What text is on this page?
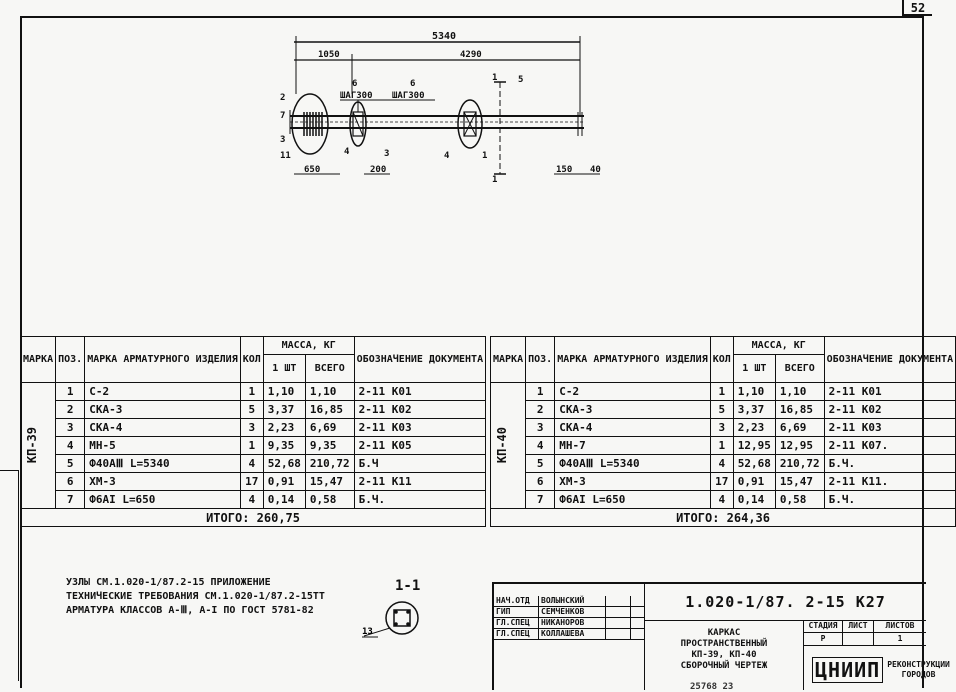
52
5340
1050	4290
ШАГ300 ШАГ300
2
7
3
11
6	6
4	3	4	1
5
1
1
650	200	150 40
МАРКА	ПОЗ.	МАРКА АРМАТУРНОГО ИЗДЕЛИЯ	КОЛ	МАССА, КГ		ОБОЗНАЧЕНИЕ ДОКУМЕНТА
				1 ШТ	ВСЕГО	

КП-39	1	С-2	1	1,10	1,10	2-11 К01
	2	СКА-3	5	3,37	16,85	2-11 К02
	3	СКА-4	3	2,23	6,69	2-11 К03
	4	МН-5	1	9,35	9,35	2-11 К05
	5	Ф40АⅢ L=5340	4	52,68	210,72	Б.Ч
	6	ХМ-3	17	0,91	15,47	2-11 К11
	7	Ф6АI L=650	4	0,14	0,58	Б.Ч.
ИТОГО: 260,75						
МАРКА	ПОЗ.	МАРКА АРМАТУРНОГО ИЗДЕЛИЯ	КОЛ	МАССА, КГ		ОБОЗНАЧЕНИЕ ДОКУМЕНТА
				1 ШТ	ВСЕГО	

КП-40	1	С-2	1	1,10	1,10	2-11 К01
	2	СКА-3	5	3,37	16,85	2-11 К02
	3	СКА-4	3	2,23	6,69	2-11 К03
	4	МН-7	1	12,95	12,95	2-11 К07.
	5	Ф40АⅢ L=5340	4	52,68	210,72	Б.Ч.
	6	ХМ-3	17	0,91	15,47	2-11 К11.
	7	Ф6АI L=650	4	0,14	0,58	Б.Ч.
ИТОГО: 264,36						
УЗЛЫ СМ.1.020-1/87.2-15 ПРИЛОЖЕНИЕ
ТЕХНИЧЕСКИЕ ТРЕБОВАНИЯ СМ.1.020-1/87.2-15ТТ
АРМАТУРА КЛАССОВ А-Ⅲ, А-I ПО ГОСТ 5781-82
1-1
13
НАЧ.ОТД	ВОЛЫНСКИЙ
ГИП	СЕМЧЕНКОВ
ГЛ.СПЕЦ	НИКАНОРОВ
ГЛ.СПЕЦ	КОЛЛАШЕВА
1.020-1/87. 2-15 К27
КАРКАС
ПРОСТРАНСТВЕННЫЙ
КП-39, КП-40
СБОРОЧНЫЙ ЧЕРТЕЖ
СТАДИЯ	ЛИСТ	ЛИСТОВ
Р	1
ЦНИИП РЕКОНСТРУКЦИИ ГОРОДОВ
25768 23
